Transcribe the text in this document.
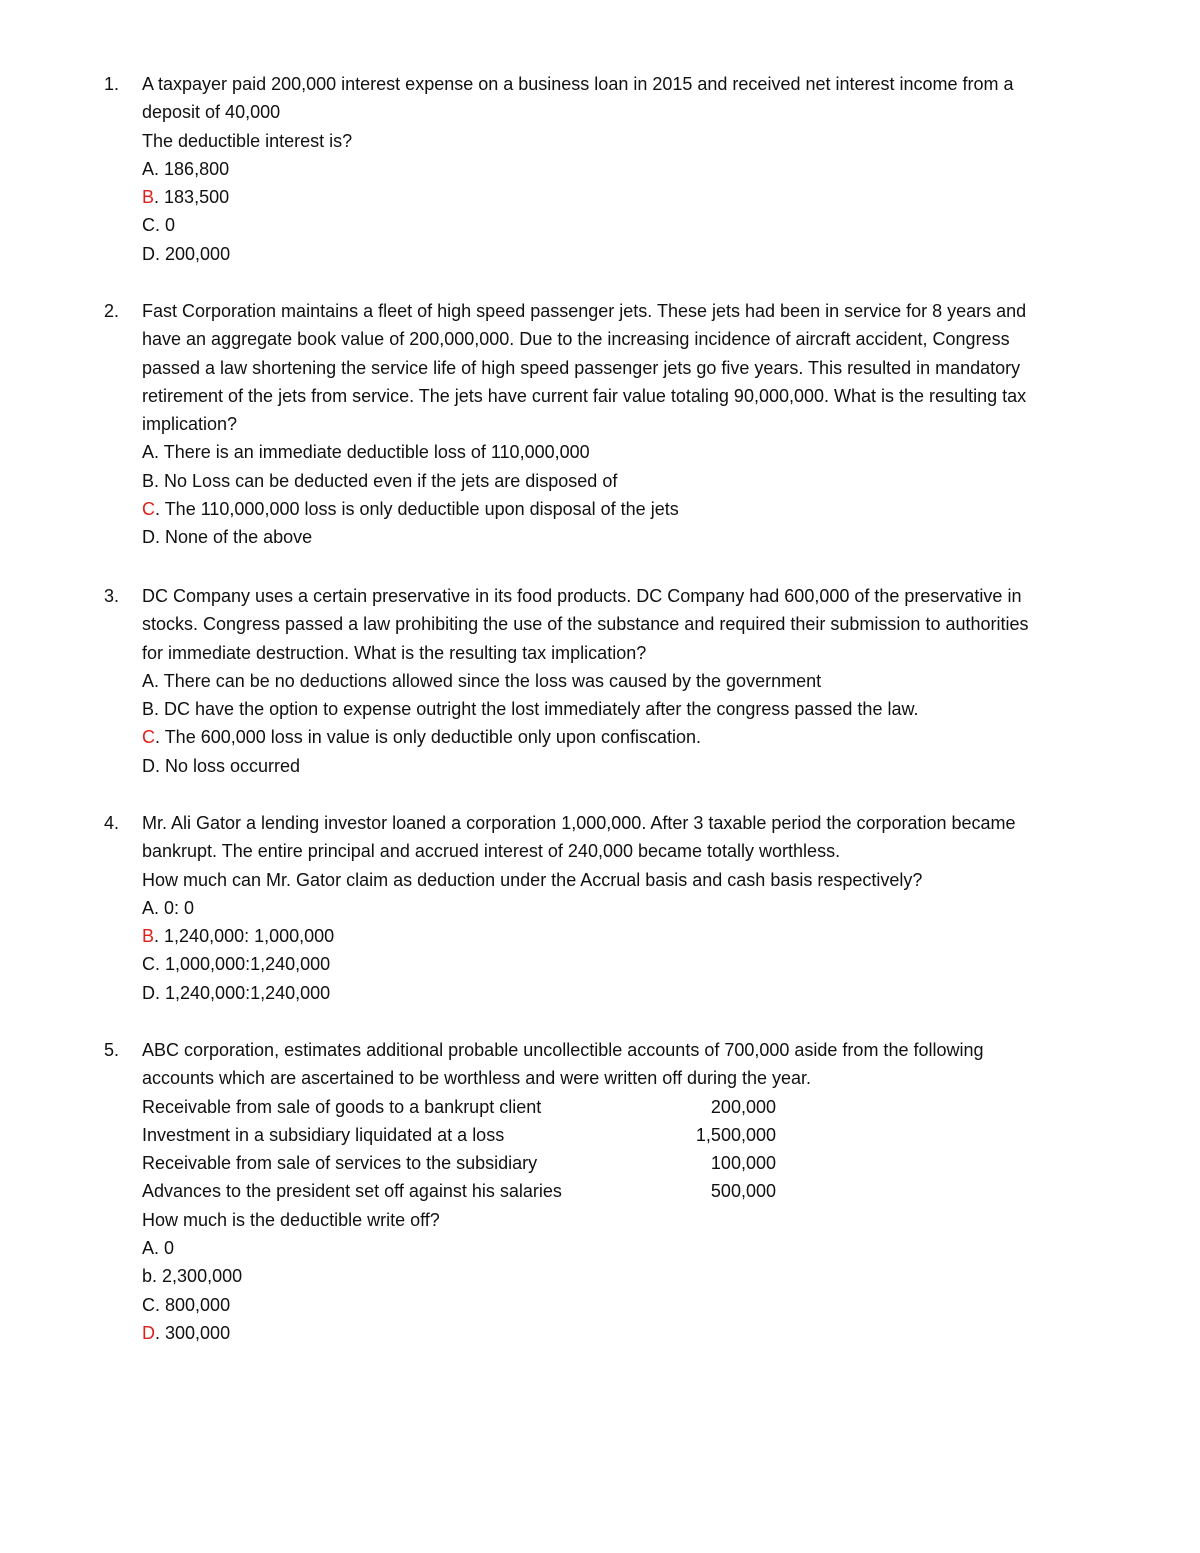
1. A taxpayer paid 200,000 interest expense on a business loan in 2015 and received net interest income from a
deposit of 40,000
The deductible interest is?
A. 186,800
B. 183,500
C. 0
D. 200,000
2. Fast Corporation maintains a fleet of high speed passenger jets. These jets had been in service for 8 years and
have an aggregate book value of 200,000,000. Due to the increasing incidence of aircraft accident, Congress
passed a law shortening the service life of high speed passenger jets go five years. This resulted in mandatory
retirement of the jets from service. The jets have current fair value totaling 90,000,000. What is the resulting tax
implication?
A. There is an immediate deductible loss of 110,000,000
B. No Loss can be deducted even if the jets are disposed of
C. The 110,000,000 loss is only deductible upon disposal of the jets
D. None of the above
3. DC Company uses a certain preservative in its food products. DC Company had 600,000 of the preservative in
stocks. Congress passed a law prohibiting the use of the substance and required their submission to authorities
for immediate destruction. What is the resulting tax implication?
A. There can be no deductions allowed since the loss was caused by the government
B. DC have the option to expense outright the lost immediately after the congress passed the law.
C. The 600,000 loss in value is only deductible only upon confiscation.
D. No loss occurred
4. Mr. Ali Gator a lending investor loaned a corporation 1,000,000. After 3 taxable period the corporation became
bankrupt. The entire principal and accrued interest of 240,000 became totally worthless.
How much can Mr. Gator claim as deduction under the Accrual basis and cash basis respectively?
A. 0: 0
B. 1,240,000: 1,000,000
C. 1,000,000:1,240,000
D. 1,240,000:1,240,000
5. ABC corporation, estimates additional probable uncollectible accounts of 700,000 aside from the following
accounts which are ascertained to be worthless and were written off during the year.
Receivable from sale of goods to a bankrupt client	200,000
Investment in a subsidiary liquidated at a loss	1,500,000
Receivable from sale of services to the subsidiary	100,000
Advances to the president set off against his salaries	500,000
How much is the deductible write off?
A. 0
b. 2,300,000
C. 800,000
D. 300,000
